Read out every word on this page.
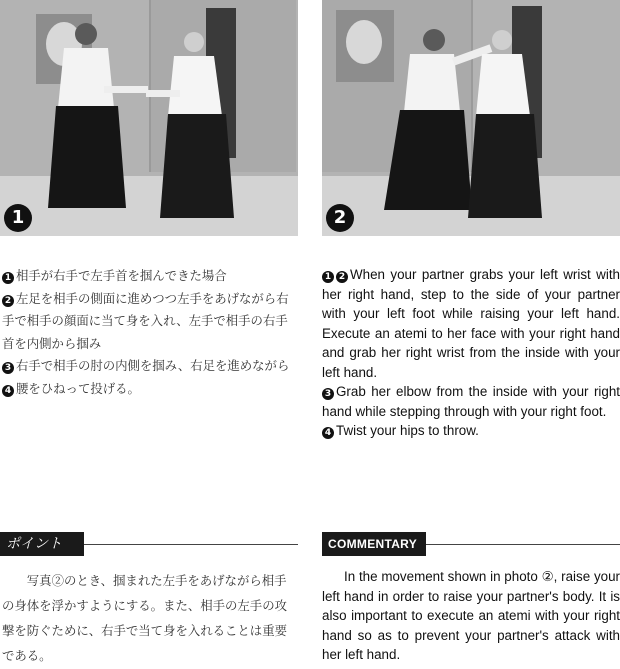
1	2

1 相手が右手で左手首を掴んできた場合

2 左足を相手の側面に進めつつ左手をあげながら右手で相手の顔面に当て身を入れ、左手で相手の右手首を内側から掴み

3 右手で相手の肘の内側を掴み、右足を進めながら

4 腰をひねって投げる。

1 2 When your partner grabs your left wrist with her right hand, step to the side of your partner with your left foot while raising your left hand. Execute an atemi to her face with your right hand and grab her right wrist from the inside with your left hand.

3 Grab her elbow from the inside with your right hand while stepping through with your right foot.

4 Twist your hips to throw.

ポイント	COMMENTARY
写真②のとき、掴まれた左手をあげながら相手の身体を浮かすようにする。また、相手の左手の攻撃を防ぐために、右手で当て身を入れることは重要である。
In the movement shown in photo ②, raise your left hand in order to raise your partner's body. It is also important to execute an atemi with your right hand so as to prevent your partner's attack with her left hand.
